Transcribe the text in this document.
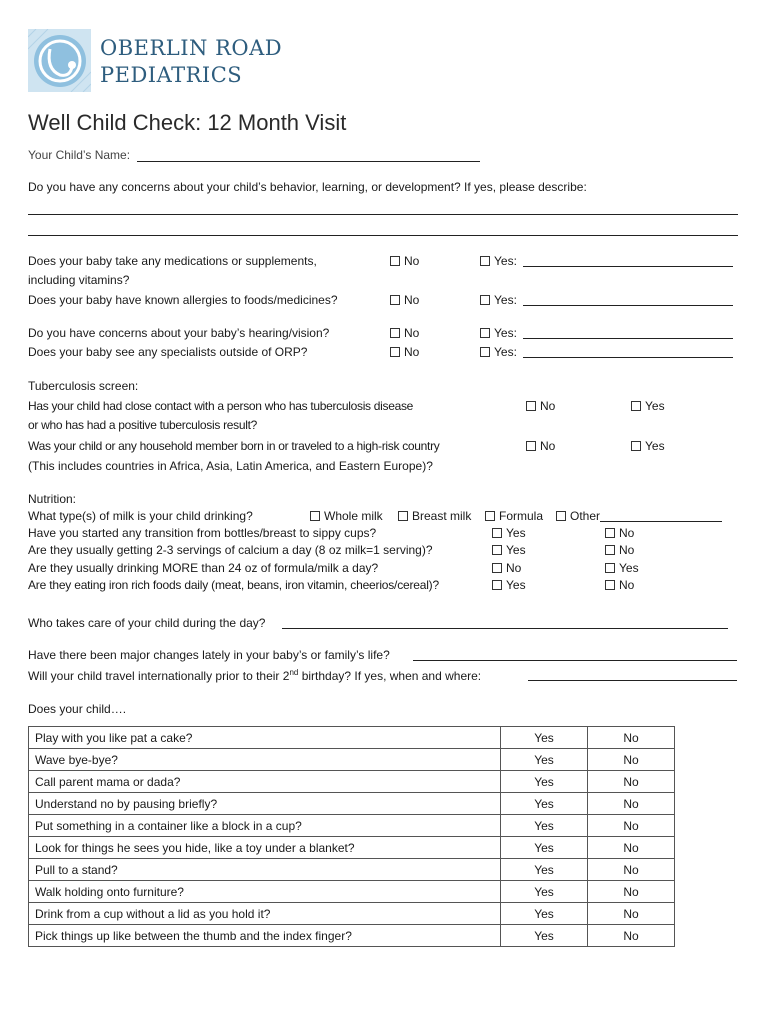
OBERLIN ROAD
PEDIATRICS
Well Child Check: 12 Month Visit
Your Child’s Name:
Do you have any concerns about your child’s behavior, learning, or development? If yes, please describe:
Does your baby take any medications or supplements,
including vitamins?
No	Yes:
Does your baby have known allergies to foods/medicines?	No	Yes:
Do you have concerns about your baby’s hearing/vision?	No	Yes:
Does your baby see any specialists outside of ORP?	No	Yes:
Tuberculosis screen:
Has your child had close contact with a person who has tuberculosis disease
or who has had a positive tuberculosis result?
No	Yes
Was your child or any household member born in or traveled to a high-risk country
(This includes countries in Africa, Asia, Latin America, and Eastern Europe)?
No	Yes
Nutrition:
What type(s) of milk is your child drinking?	Whole milk	Breast milk	Formula	Other
Have you started any transition from bottles/breast to sippy cups?	Yes	No
Are they usually getting 2-3 servings of calcium a day (8 oz milk=1 serving)?	Yes	No
Are they usually drinking MORE than 24 oz of formula/milk a day?	No	Yes
Are they eating iron rich foods daily (meat, beans, iron vitamin, cheerios/cereal)?	Yes	No
Who takes care of your child during the day?
Have there been major changes lately in your baby’s or family’s life?
Will your child travel internationally prior to their 2nd birthday? If yes, when and where:
Does your child….
Play with you like pat a cake?	Yes	No
Wave bye-bye?	Yes	No
Call parent mama or dada?	Yes	No
Understand no by pausing briefly?	Yes	No
Put something in a container like a block in a cup?	Yes	No
Look for things he sees you hide, like a toy under a blanket?	Yes	No
Pull to a stand?	Yes	No
Walk holding onto furniture?	Yes	No
Drink from a cup without a lid as you hold it?	Yes	No
Pick things up like between the thumb and the index finger?	Yes	No
